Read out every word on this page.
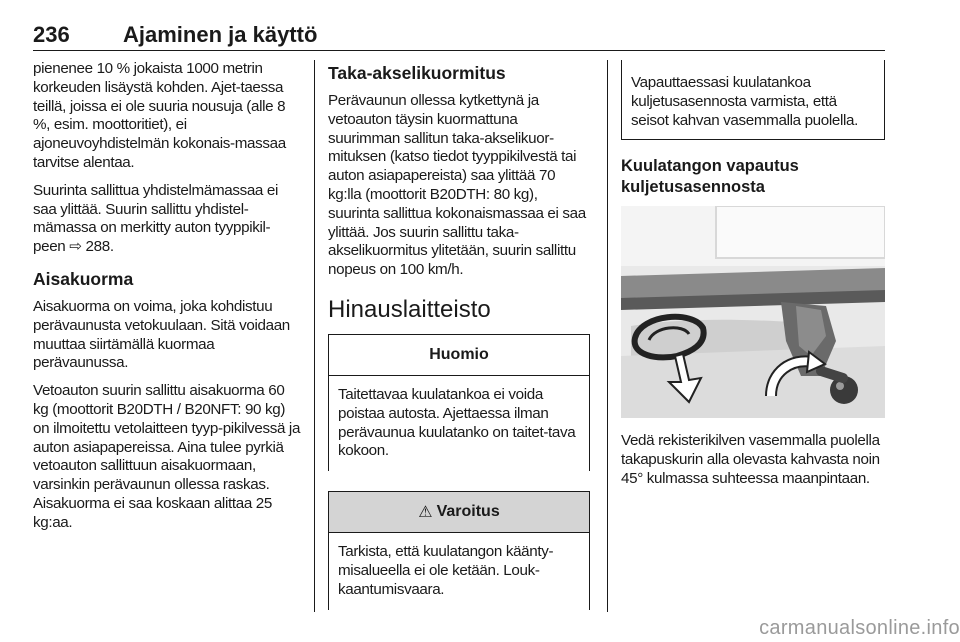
236 Ajaminen ja käyttö

pienenee 10 % jokaista 1000 metrin korkeuden lisäystä kohden. Ajet-taessa teillä, joissa ei ole suuria nousuja (alle 8 %, esim. moottoritiet), ei ajoneuvoyhdistelmän kokonais-massaa tarvitse alentaa.

Suurinta sallittua yhdistelmämassaa ei saa ylittää. Suurin sallittu yhdistel-mämassa on merkitty auton tyyppikil-peen ⇨ 288.

Aisakuorma

Aisakuorma on voima, joka kohdistuu perävaunusta vetokuulaan. Sitä voidaan muuttaa siirtämällä kuormaa perävaunussa.

Vetoauton suurin sallittu aisakuorma 60 kg (moottorit B20DTH / B20NFT: 90 kg) on ilmoitettu vetolaitteen tyyp-pikilvessä ja auton asiapapereissa. Aina tulee pyrkiä vetoauton sallittuun aisakuormaan, varsinkin perävaunun ollessa raskas. Aisakuorma ei saa koskaan alittaa 25 kg:aa.

Taka-akselikuormitus

Perävaunun ollessa kytkettynä ja vetoauton täysin kuormattuna suurimman sallitun taka-akselikuor-mituksen (katso tiedot tyyppikilvestä tai auton asiapapereista) saa ylittää 70 kg:lla (moottorit B20DTH: 80 kg), suurinta sallittua kokonaismassaa ei saa ylittää. Jos suurin sallittu taka-akselikuormitus ylitetään, suurin sallittu nopeus on 100 km/h.

Hinauslaitteisto
Huomio

Taitettavaa kuulatankoa ei voida poistaa autosta. Ajettaessa ilman perävaunua kuulatanko on taitet-tava kokoon.

⚠ Varoitus

Tarkista, että kuulatangon käänty-misalueella ei ole ketään. Louk-kaantumisvaara.

Vapauttaessasi kuulatankoa kuljetusasennosta varmista, että seisot kahvan vasemmalla puolella.

Kuulatangon vapautus kuljetusasennosta

Vedä rekisterikilven vasemmalla puolella takapuskurin alla olevasta kahvasta noin 45° kulmassa suhteessa maanpintaan.

carmanualsonline.info
